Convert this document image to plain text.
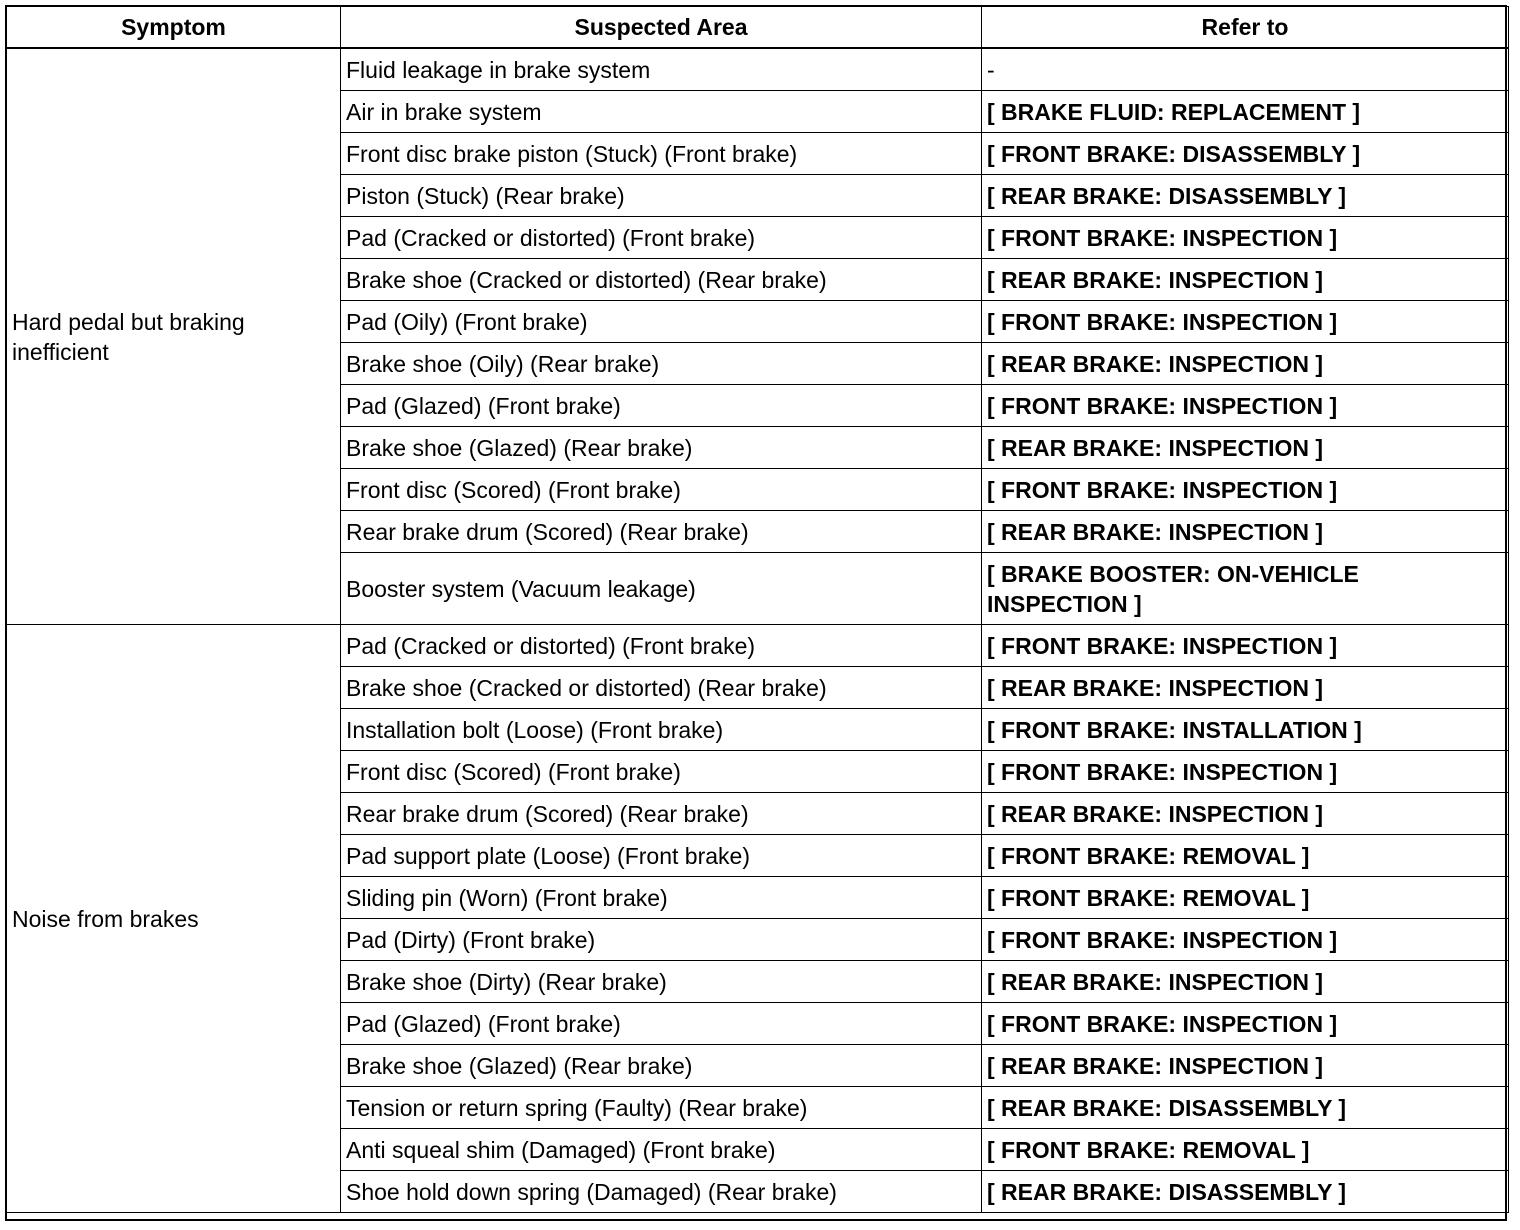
Symptom	Suspected Area	Refer to
Hard pedal but braking inefficient	Fluid leakage in brake system	-
	Air in brake system	[ BRAKE FLUID: REPLACEMENT ]
	Front disc brake piston (Stuck) (Front brake)	[ FRONT BRAKE: DISASSEMBLY ]
	Piston (Stuck) (Rear brake)	[ REAR BRAKE: DISASSEMBLY ]
	Pad (Cracked or distorted) (Front brake)	[ FRONT BRAKE: INSPECTION ]
	Brake shoe (Cracked or distorted) (Rear brake)	[ REAR BRAKE: INSPECTION ]
	Pad (Oily) (Front brake)	[ FRONT BRAKE: INSPECTION ]
	Brake shoe (Oily) (Rear brake)	[ REAR BRAKE: INSPECTION ]
	Pad (Glazed) (Front brake)	[ FRONT BRAKE: INSPECTION ]
	Brake shoe (Glazed) (Rear brake)	[ REAR BRAKE: INSPECTION ]
	Front disc (Scored) (Front brake)	[ FRONT BRAKE: INSPECTION ]
	Rear brake drum (Scored) (Rear brake)	[ REAR BRAKE: INSPECTION ]
	Booster system (Vacuum leakage)	[ BRAKE BOOSTER: ON-VEHICLE INSPECTION ]
Noise from brakes	Pad (Cracked or distorted) (Front brake)	[ FRONT BRAKE: INSPECTION ]
	Brake shoe (Cracked or distorted) (Rear brake)	[ REAR BRAKE: INSPECTION ]
	Installation bolt (Loose) (Front brake)	[ FRONT BRAKE: INSTALLATION ]
	Front disc (Scored) (Front brake)	[ FRONT BRAKE: INSPECTION ]
	Rear brake drum (Scored) (Rear brake)	[ REAR BRAKE: INSPECTION ]
	Pad support plate (Loose) (Front brake)	[ FRONT BRAKE: REMOVAL ]
	Sliding pin (Worn) (Front brake)	[ FRONT BRAKE: REMOVAL ]
	Pad (Dirty) (Front brake)	[ FRONT BRAKE: INSPECTION ]
	Brake shoe (Dirty) (Rear brake)	[ REAR BRAKE: INSPECTION ]
	Pad (Glazed) (Front brake)	[ FRONT BRAKE: INSPECTION ]
	Brake shoe (Glazed) (Rear brake)	[ REAR BRAKE: INSPECTION ]
	Tension or return spring (Faulty) (Rear brake)	[ REAR BRAKE: DISASSEMBLY ]
	Anti squeal shim (Damaged) (Front brake)	[ FRONT BRAKE: REMOVAL ]
	Shoe hold down spring (Damaged) (Rear brake)	[ REAR BRAKE: DISASSEMBLY ]
